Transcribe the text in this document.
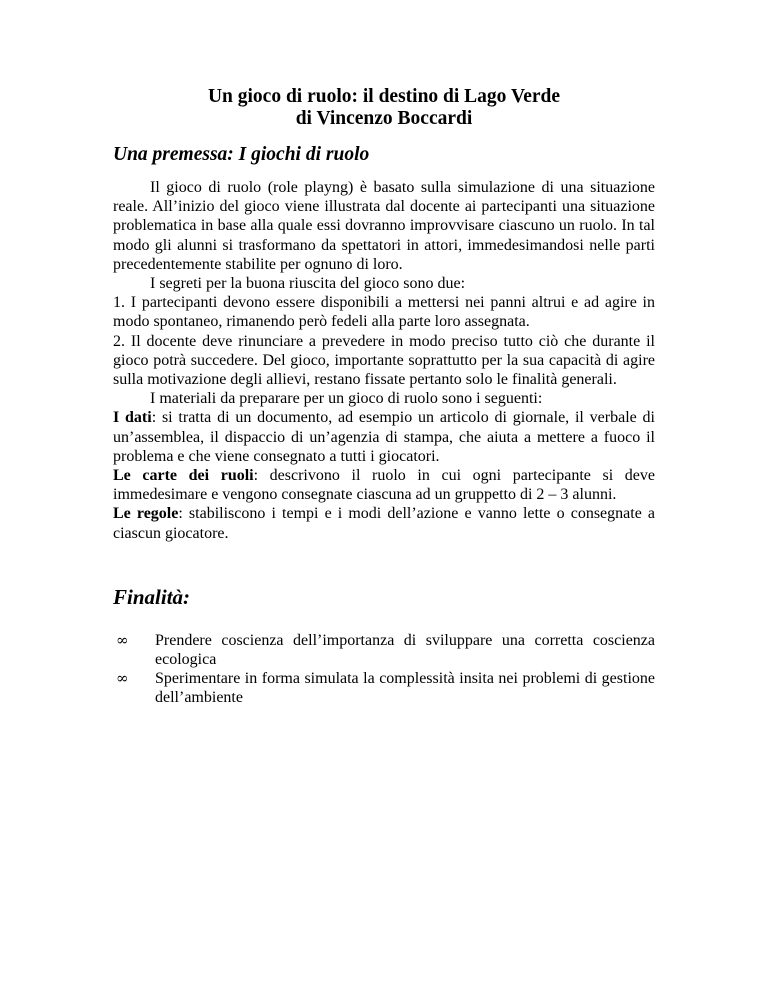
Un gioco di ruolo: il destino di Lago Verde
di Vincenzo Boccardi
Una premessa: I giochi di ruolo

Il gioco di ruolo (role playng) è basato sulla simulazione di una situazione reale. All’inizio del gioco viene illustrata dal docente ai partecipanti una situazione problematica in base alla quale essi dovranno improvvisare ciascuno un ruolo. In tal modo gli alunni si trasformano da spettatori in attori, immedesimandosi nelle parti precedentemente stabilite per ognuno di loro.

I segreti per la buona riuscita del gioco sono due:

1. I partecipanti devono essere disponibili a mettersi nei panni altrui e ad agire in modo spontaneo, rimanendo però fedeli alla parte loro assegnata.

2. Il docente deve rinunciare a prevedere in modo preciso tutto ciò che durante il gioco potrà succedere. Del gioco, importante soprattutto per la sua capacità di agire sulla motivazione degli allievi, restano fissate pertanto solo le finalità generali.

I materiali da preparare per un gioco di ruolo sono i seguenti:

I dati: si tratta di un documento, ad esempio un articolo di giornale, il verbale di un’assemblea, il dispaccio di un’agenzia di stampa, che aiuta a mettere a fuoco il problema e che viene consegnato a tutti i giocatori.

Le carte dei ruoli: descrivono il ruolo in cui ogni partecipante si deve immedesimare e vengono consegnate ciascuna ad un gruppetto di 2 – 3 alunni.

Le regole: stabiliscono i tempi e i modi dell’azione e vanno lette o consegnate a ciascun giocatore.

Finalità:
∞ Prendere coscienza dell’importanza di sviluppare una corretta coscienza ecologica
∞ Sperimentare in forma simulata la complessità insita nei problemi di gestione dell’ambiente
